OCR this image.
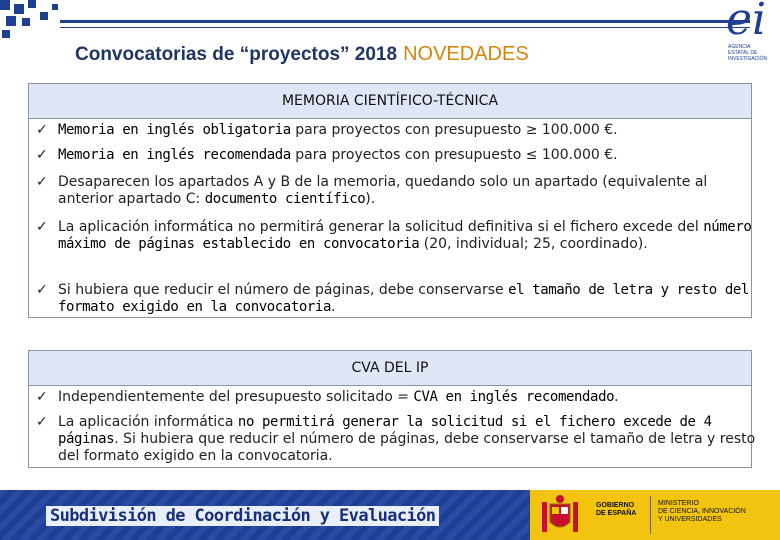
Convocatorias de “proyectos” 2018 NOVEDADES
ei
AGENCIA
ESTATAL DE
INVESTIGACIÓN
MEMORIA CIENTÍFICO-TÉCNICA
✓ Memoria en inglés obligatoria para proyectos con presupuesto ≥ 100.000 €.
✓ Memoria en inglés recomendada para proyectos con presupuesto ≤ 100.000 €.
✓ Desaparecen los apartados A y B de la memoria, quedando solo un apartado (equivalente al anterior apartado C: documento científico).
✓ La aplicación informática no permitirá generar la solicitud definitiva si el fichero excede del número máximo de páginas establecido en convocatoria (20, individual; 25, coordinado).
✓ Si hubiera que reducir el número de páginas, debe conservarse el tamaño de letra y resto del formato exigido en la convocatoria.
CVA DEL IP
✓ Independientemente del presupuesto solicitado = CVA en inglés recomendado.
✓ La aplicación informática no permitirá generar la solicitud si el fichero excede de 4 páginas. Si hubiera que reducir el número de páginas, debe conservarse el tamaño de letra y resto del formato exigido en la convocatoria.
Subdivisión de Coordinación y Evaluación
GOBIERNO
DE ESPAÑA
MINISTERIO
DE CIENCIA, INNOVACIÓN
Y UNIVERSIDADES
